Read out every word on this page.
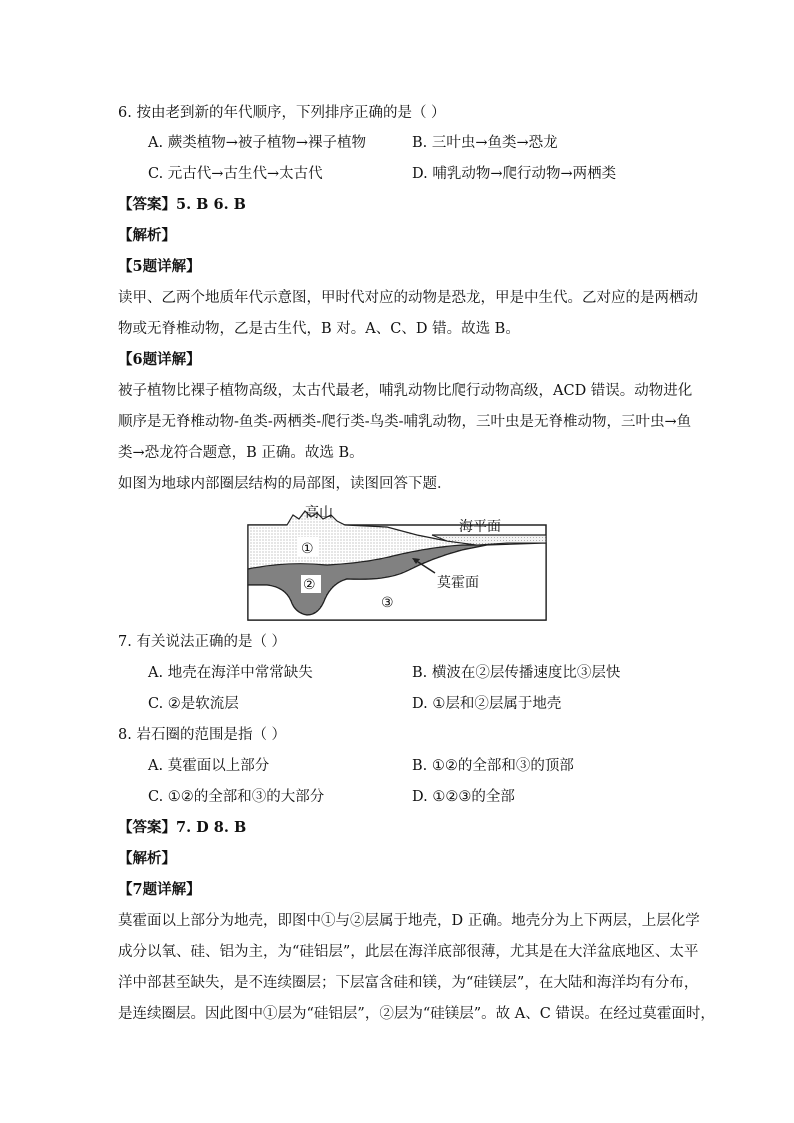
6. 按由老到新的年代顺序，下列排序正确的是（ ）
A. 蕨类植物→被子植物→裸子植物	B. 三叶虫→鱼类→恐龙
C. 元古代→古生代→太古代	D. 哺乳动物→爬行动物→两栖类
【答案】5. B 6. B
【解析】
【5题详解】
读甲、乙两个地质年代示意图，甲时代对应的动物是恐龙，甲是中生代。乙对应的是两栖动
物或无脊椎动物，乙是古生代，B 对。A、C、D 错。故选 B。
【6题详解】
被子植物比裸子植物高级，太古代最老，哺乳动物比爬行动物高级，ACD 错误。动物进化
顺序是无脊椎动物-鱼类-两栖类-爬行类-鸟类-哺乳动物，三叶虫是无脊椎动物，三叶虫→鱼
类→恐龙符合题意，B 正确。故选 B。
如图为地球内部圈层结构的局部图，读图回答下题．
高山
海平面
莫霍面
①
②
③
7. 有关说法正确的是（ ）
A. 地壳在海洋中常常缺失	B. 横波在②层传播速度比③层快
C. ②是软流层	D. ①层和②层属于地壳
8. 岩石圈的范围是指（ ）
A. 莫霍面以上部分	B. ①②的全部和③的顶部
C. ①②的全部和③的大部分	D. ①②③的全部
【答案】7. D 8. B
【解析】
【7题详解】
莫霍面以上部分为地壳，即图中①与②层属于地壳，D 正确。地壳分为上下两层，上层化学
成分以氧、硅、铝为主，为“硅铝层”，此层在海洋底部很薄，尤其是在大洋盆底地区、太平
洋中部甚至缺失，是不连续圈层；下层富含硅和镁，为“硅镁层”，在大陆和海洋均有分布，
是连续圈层。因此图中①层为“硅铝层”，②层为“硅镁层”。故 A、C 错误。在经过莫霍面时，
